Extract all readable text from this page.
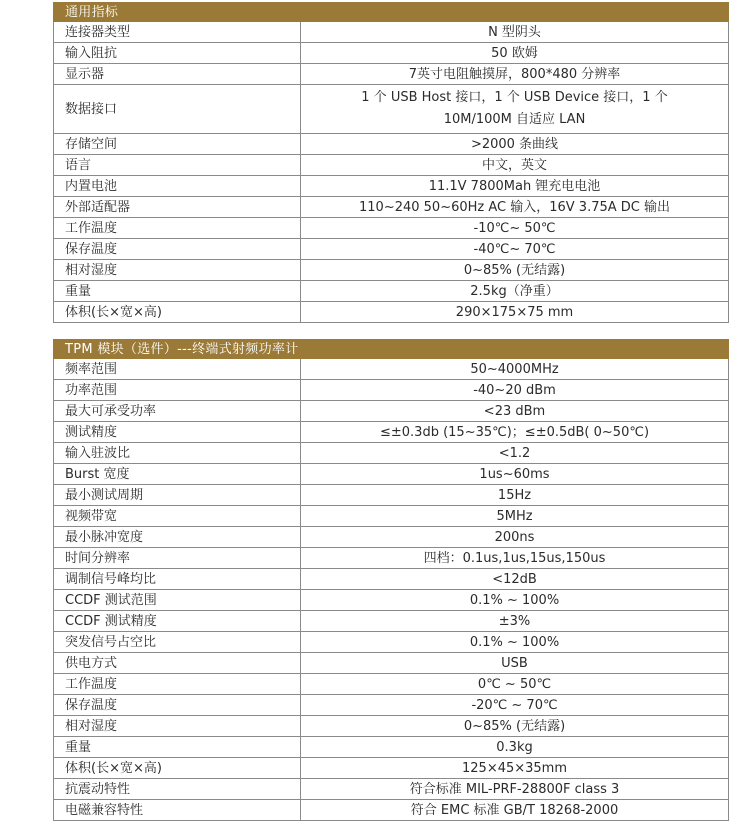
通用指标	
连接器类型	N 型阴头
输入阻抗	50 欧姆
显示器	7英寸电阻触摸屏，800*480 分辨率
数据接口	1 个 USB Host 接口，1 个 USB Device 接口，1 个 10M/100M 自适应 LAN
存储空间	>2000 条曲线
语言	中文，英文
内置电池	11.1V 7800Mah 锂充电电池
外部适配器	110~240 50~60Hz AC 输入，16V 3.75A DC 输出
工作温度	-10℃~ 50℃
保存温度	-40℃~ 70℃
相对湿度	0~85% (无结露)
重量	2.5kg（净重）
体积(长×宽×高)	290×175×75 mm
TPM 模块（选件）---终端式射频功率计	
频率范围	50~4000MHz
功率范围	-40~20 dBm
最大可承受功率	<23 dBm
测试精度	≤±0.3db (15~35℃)；≤±0.5dB( 0~50℃)
输入驻波比	<1.2
Burst 宽度	1us~60ms
最小测试周期	15Hz
视频带宽	5MHz
最小脉冲宽度	200ns
时间分辨率	四档：0.1us,1us,15us,150us
调制信号峰均比	<12dB
CCDF 测试范围	0.1% ~ 100%
CCDF 测试精度	±3%
突发信号占空比	0.1% ~ 100%
供电方式	USB
工作温度	0℃ ~ 50℃
保存温度	-20℃ ~ 70℃
相对湿度	0~85% (无结露)
重量	0.3kg
体积(长×宽×高)	125×45×35mm
抗震动特性	符合标准 MIL-PRF-28800F class 3
电磁兼容特性	符合 EMC 标准 GB/T 18268-2000
